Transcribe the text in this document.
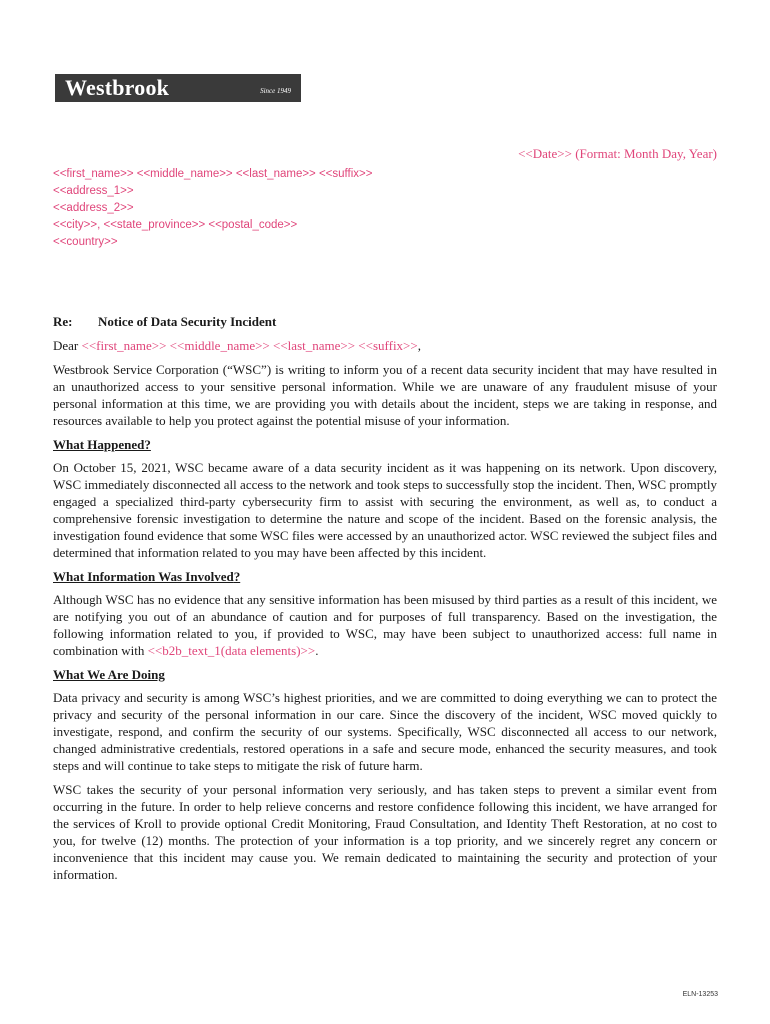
Westbrook	Since 1949
<<Date>> (Format: Month Day, Year)
<<first_name>> <<middle_name>> <<last_name>> <<suffix>>
<<address_1>>
<<address_2>>
<<city>>, <<state_province>> <<postal_code>>
<<country>>
Re: Notice of Data Security Incident
Dear <<first_name>> <<middle_name>> <<last_name>> <<suffix>>,

Westbrook Service Corporation (“WSC”) is writing to inform you of a recent data security incident that may have resulted in an unauthorized access to your sensitive personal information. While we are unaware of any fraudulent misuse of your personal information at this time, we are providing you with details about the incident, steps we are taking in response, and resources available to help you protect against the potential misuse of your information.

What Happened?

On October 15, 2021, WSC became aware of a data security incident as it was happening on its network. Upon discovery, WSC immediately disconnected all access to the network and took steps to successfully stop the incident. Then, WSC promptly engaged a specialized third-party cybersecurity firm to assist with securing the environment, as well as, to conduct a comprehensive forensic investigation to determine the nature and scope of the incident. Based on the forensic analysis, the investigation found evidence that some WSC files were accessed by an unauthorized actor. WSC reviewed the subject files and determined that information related to you may have been affected by this incident.

What Information Was Involved?

Although WSC has no evidence that any sensitive information has been misused by third parties as a result of this incident, we are notifying you out of an abundance of caution and for purposes of full transparency. Based on the investigation, the following information related to you, if provided to WSC, may have been subject to unauthorized access: full name in combination with <<b2b_text_1(data elements)>>.

What We Are Doing

Data privacy and security is among WSC’s highest priorities, and we are committed to doing everything we can to protect the privacy and security of the personal information in our care. Since the discovery of the incident, WSC moved quickly to investigate, respond, and confirm the security of our systems. Specifically, WSC disconnected all access to our network, changed administrative credentials, restored operations in a safe and secure mode, enhanced the security measures, and took steps and will continue to take steps to mitigate the risk of future harm.

WSC takes the security of your personal information very seriously, and has taken steps to prevent a similar event from occurring in the future. In order to help relieve concerns and restore confidence following this incident, we have arranged for the services of Kroll to provide optional Credit Monitoring, Fraud Consultation, and Identity Theft Restoration, at no cost to you, for twelve (12) months. The protection of your information is a top priority, and we sincerely regret any concern or inconvenience that this incident may cause you. We remain dedicated to maintaining the security and protection of your information.

ELN-13253
